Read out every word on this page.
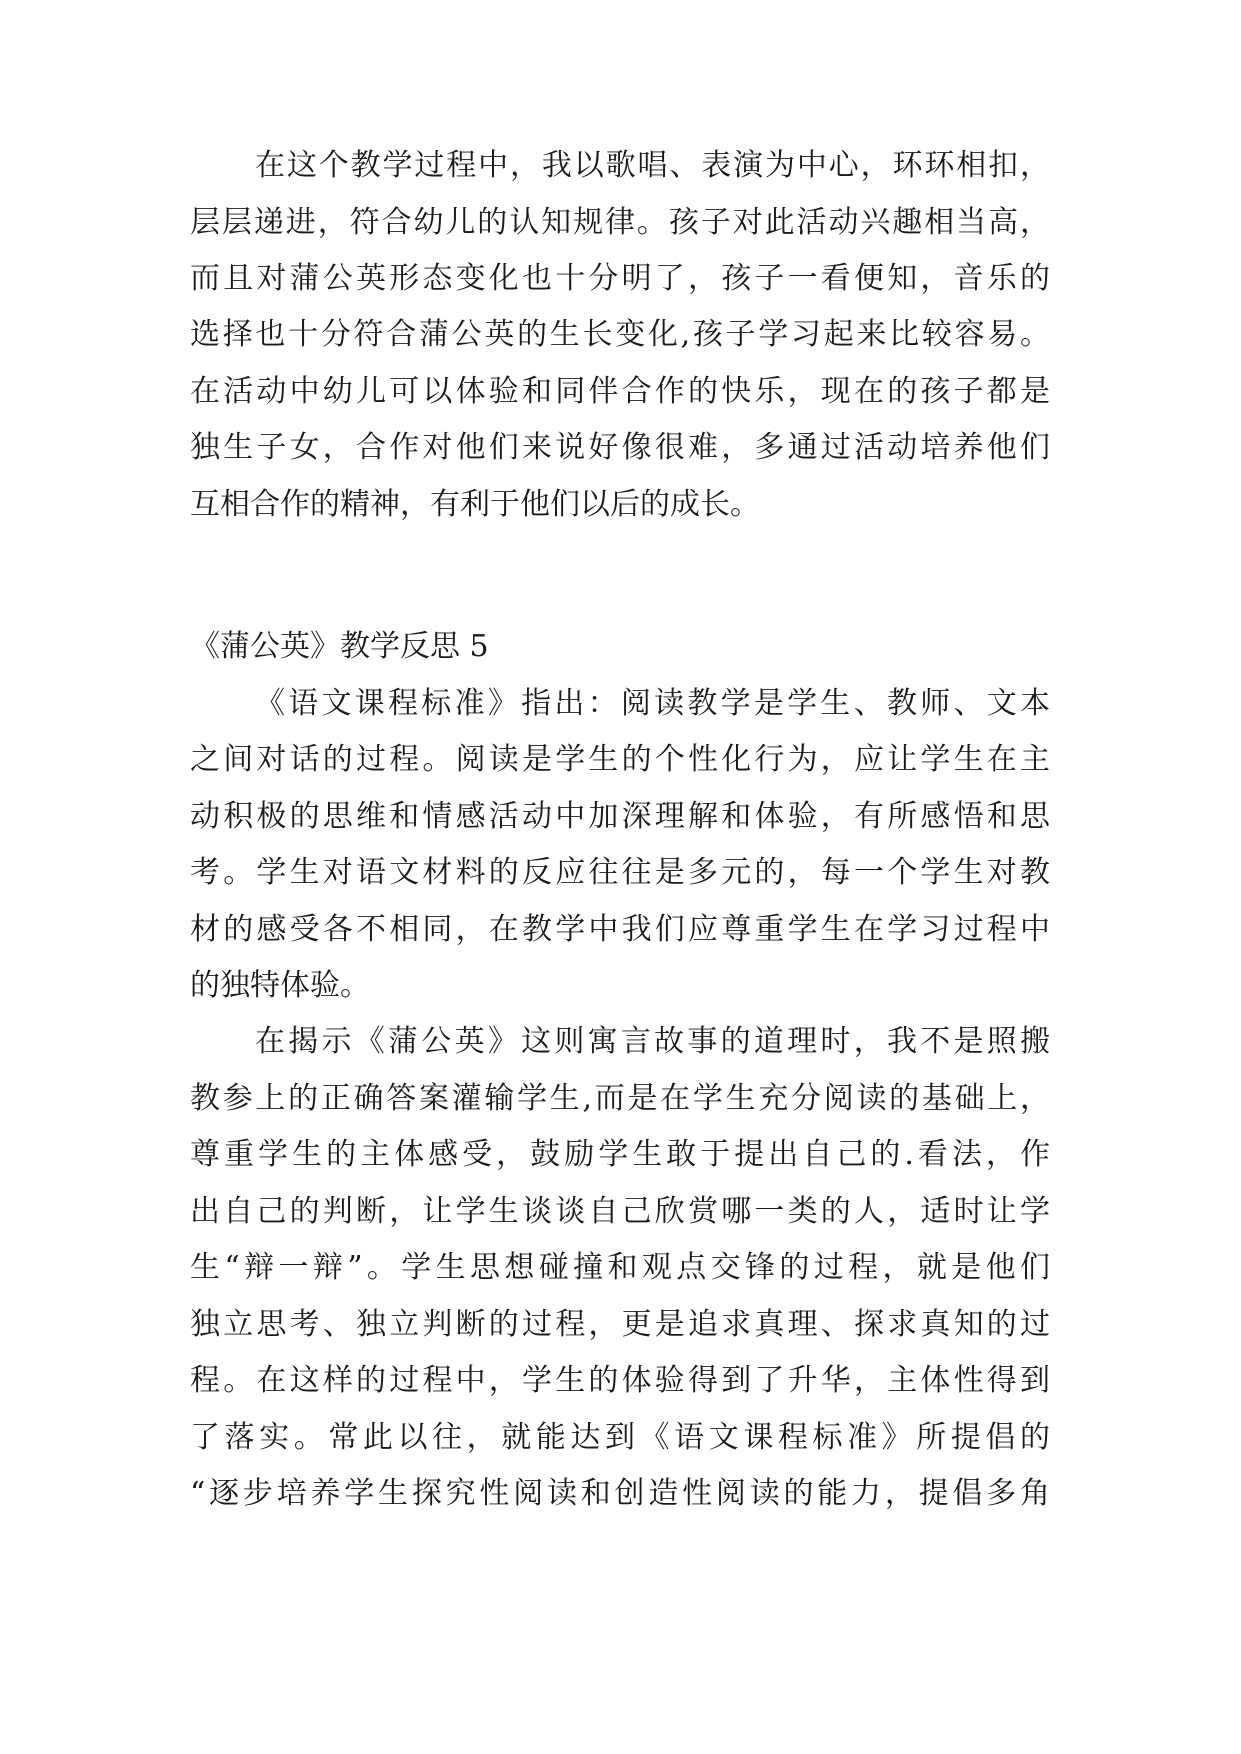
在这个教学过程中，我以歌唱、表演为中心，环环相扣，
层层递进，符合幼儿的认知规律。孩子对此活动兴趣相当高，
而且对蒲公英形态变化也十分明了，孩子一看便知，音乐的
选择也十分符合蒲公英的生长变化,孩子学习起来比较容易。
在活动中幼儿可以体验和同伴合作的快乐，现在的孩子都是
独生子女，合作对他们来说好像很难，多通过活动培养他们
互相合作的精神，有利于他们以后的成长。
《蒲公英》教学反思 5
《语文课程标准》指出：阅读教学是学生、教师、文本
之间对话的过程。阅读是学生的个性化行为，应让学生在主
动积极的思维和情感活动中加深理解和体验，有所感悟和思
考。学生对语文材料的反应往往是多元的，每一个学生对教
材的感受各不相同，在教学中我们应尊重学生在学习过程中
的独特体验。
在揭示《蒲公英》这则寓言故事的道理时，我不是照搬
教参上的正确答案灌输学生,而是在学生充分阅读的基础上，
尊重学生的主体感受，鼓励学生敢于提出自己的.看法，作
出自己的判断，让学生谈谈自己欣赏哪一类的人，适时让学
生“辩一辩”。学生思想碰撞和观点交锋的过程，就是他们
独立思考、独立判断的过程，更是追求真理、探求真知的过
程。在这样的过程中，学生的体验得到了升华，主体性得到
了落实。常此以往，就能达到《语文课程标准》所提倡的
“逐步培养学生探究性阅读和创造性阅读的能力，提倡多角
